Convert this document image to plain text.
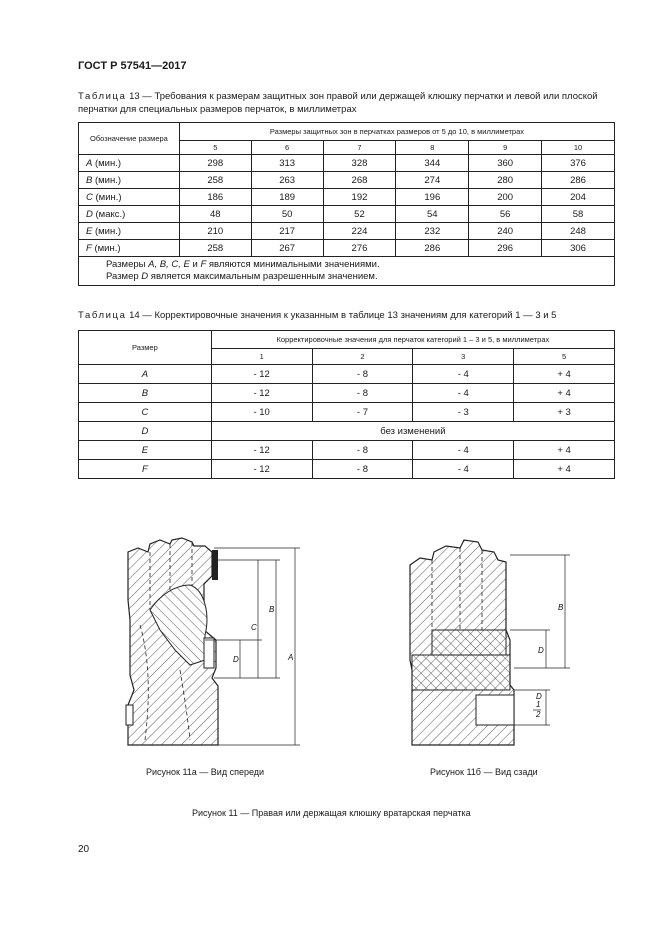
ГОСТ Р 57541—2017
Таблица 13 — Требования к размерам защитных зон правой или держащей клюшку перчатки и левой или плоской перчатки для специальных размеров перчаток, в миллиметрах
Обозначение размера	Размеры защитных зон в перчатках размеров от 5 до 10, в миллиметрах					
	5	6	7	8	9	10
A (мин.)	298	313	328	344	360	376
B (мин.)	258	263	268	274	280	286
C (мин.)	186	189	192	196	200	204
D (макс.)	48	50	52	54	56	58
E (мин.)	210	217	224	232	240	248
F (мин.)	258	267	276	286	296	306

Размеры A, B, C, E и F являются минимальными значениями.
Размер D является максимальным разрешенным значением.						
Таблица 14 — Корректировочные значения к указанным в таблице 13 значениям для категорий 1 — 3 и 5
Размер	Корректировочные значения для перчаток категорий 1 – 3 и 5, в миллиметрах			
	1	2	3	5
A	- 12	- 8	- 4	+ 4
B	- 12	- 8	- 4	+ 4
C	- 10	- 7	- 3	+ 3
D	без изменений			
E	- 12	- 8	- 4	+ 4
F	- 12	- 8	- 4	+ 4
A
B
C
D
B
D
1
2
D
Рисунок 11а — Вид спереди	Рисунок 11б — Вид сзади
Рисунок 11 — Правая или держащая клюшку вратарская перчатка
20
